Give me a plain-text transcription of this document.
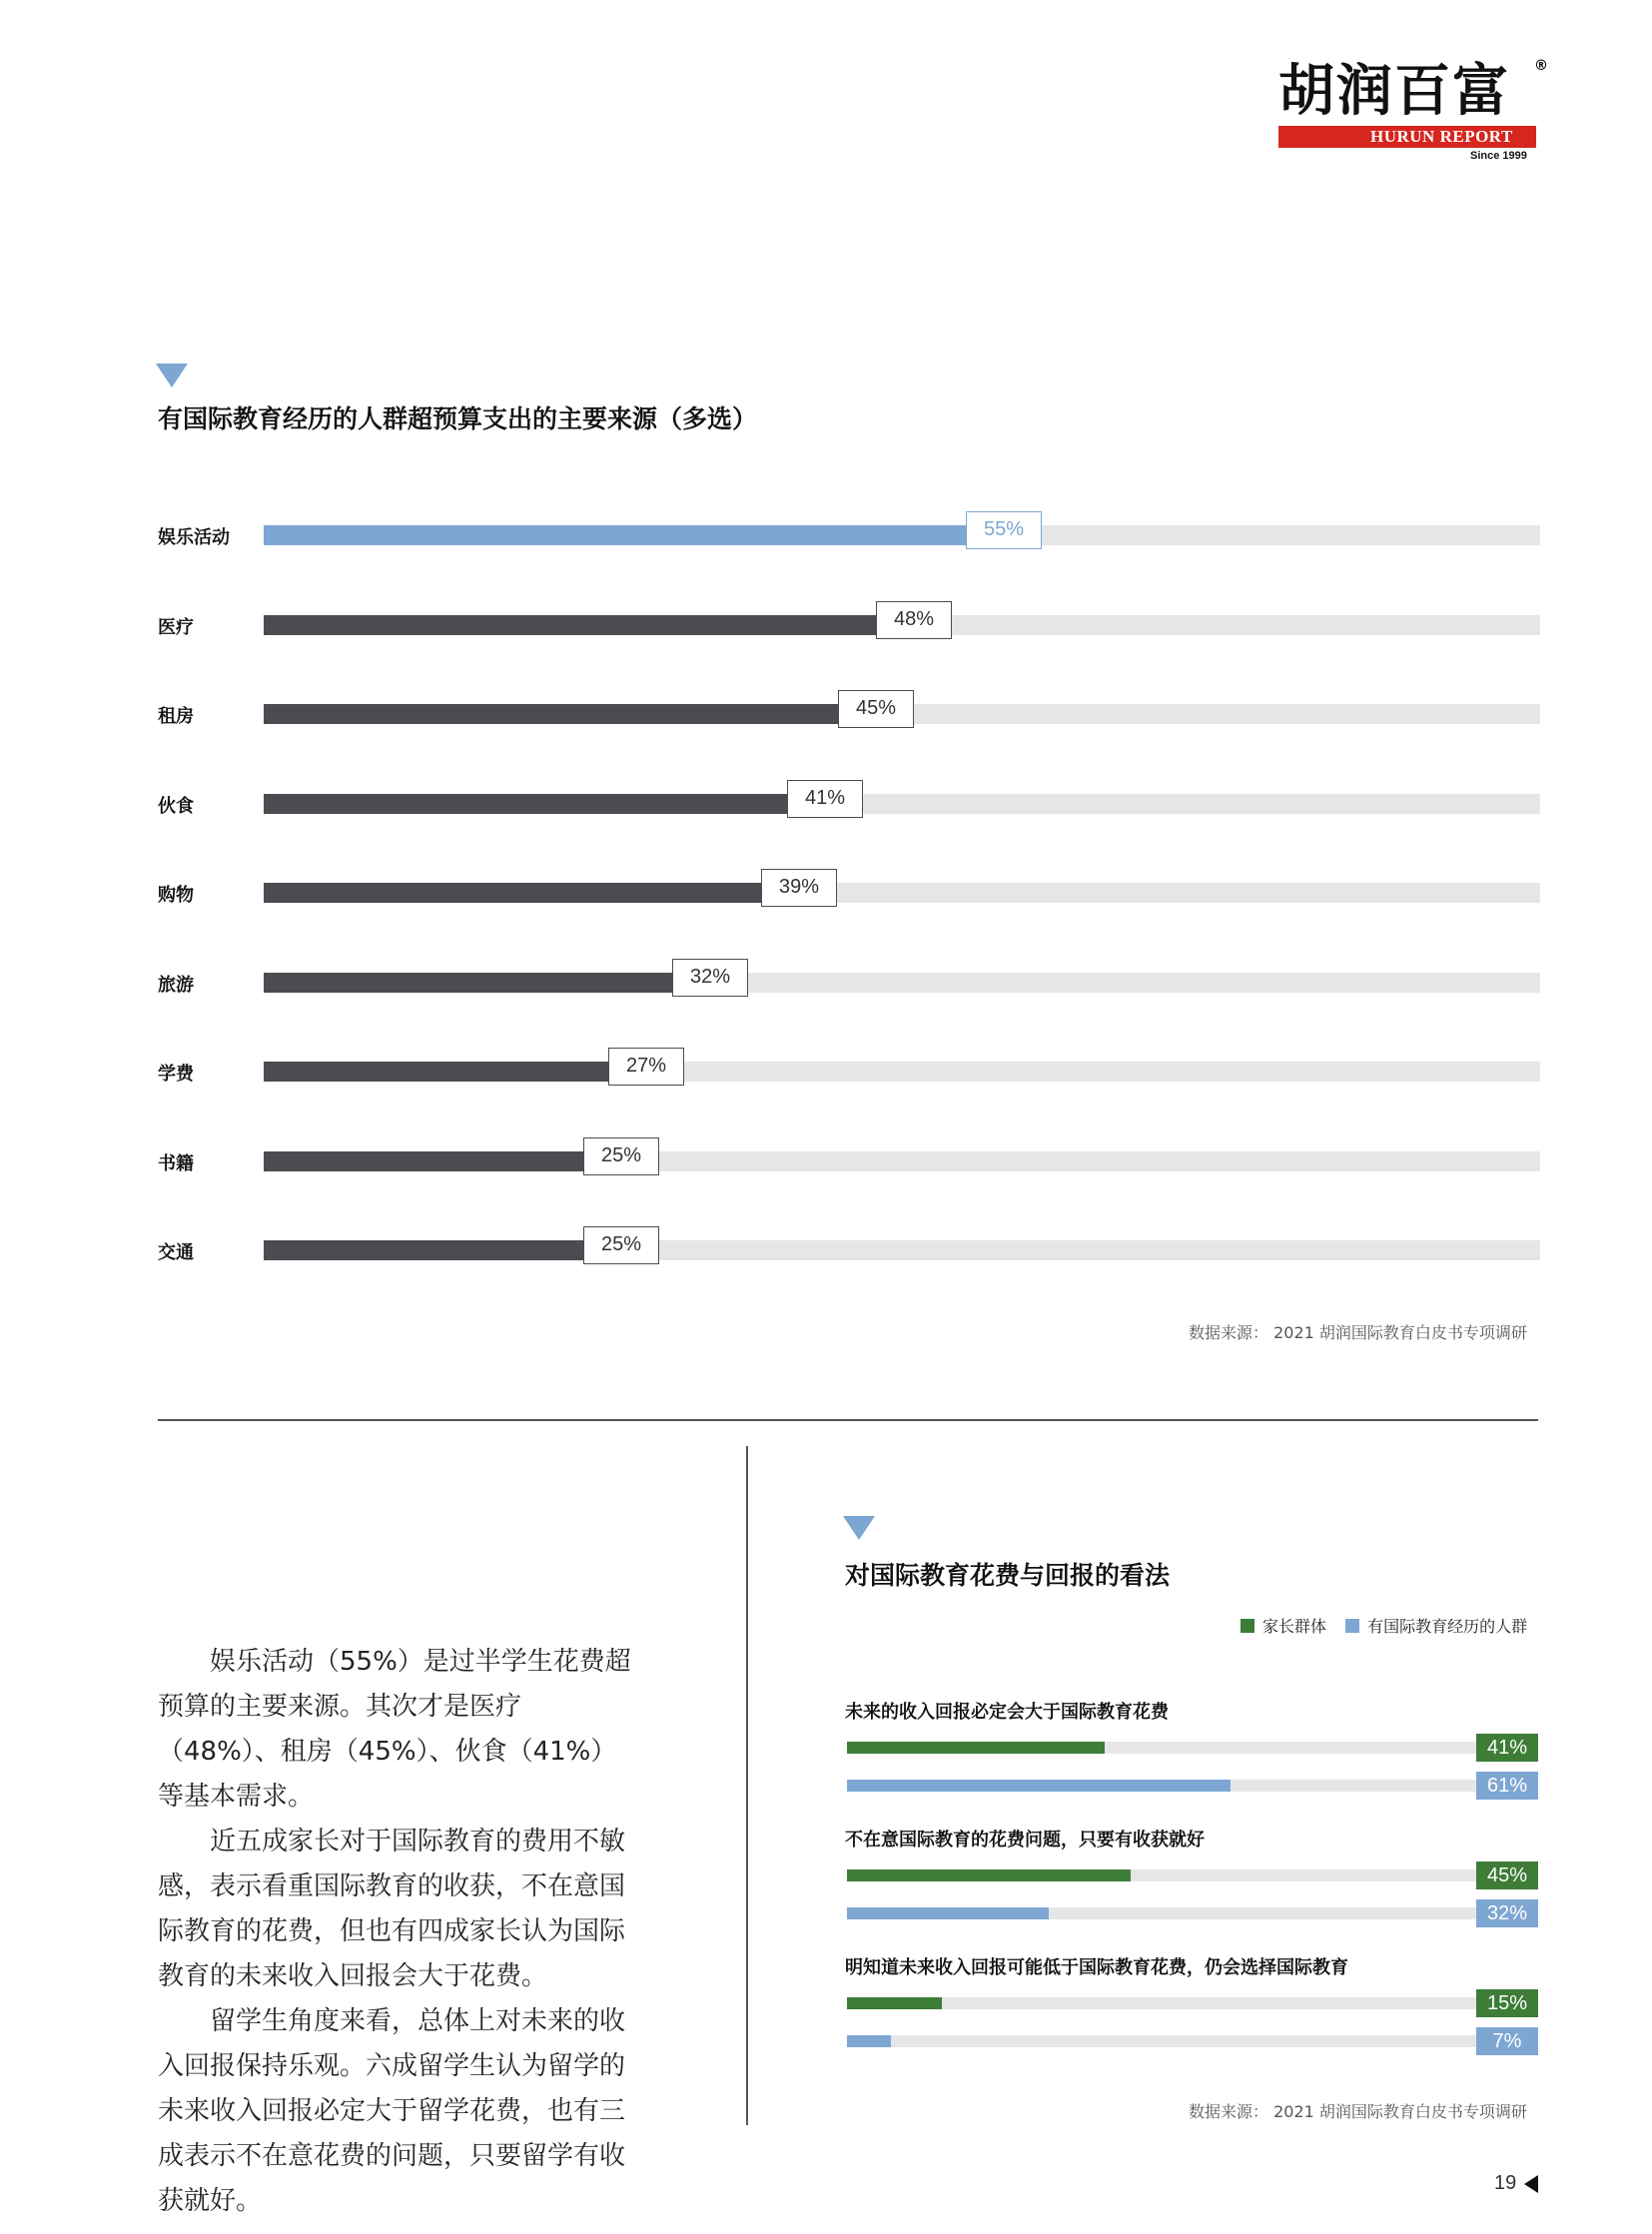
胡润百富 ®
HURUN REPORT
Since 1999
有国际教育经历的人群超预算支出的主要来源（多选）
娱乐活动	55%
医疗	48%
租房	45%
伙食	41%
购物	39%
旅游	32%
学费	27%
书籍	25%
交通	25%
数据来源： 2021 胡润国际教育白皮书专项调研

娱乐活动（55%）是过半学生花费超预算的主要来源。其次才是医疗（48%）、租房（45%）、伙食（41%）等基本需求。

近五成家长对于国际教育的费用不敏感，表示看重国际教育的收获，不在意国际教育的花费，但也有四成家长认为国际教育的未来收入回报会大于花费。

留学生角度来看，总体上对未来的收入回报保持乐观。六成留学生认为留学的未来收入回报必定大于留学花费，也有三成表示不在意花费的问题，只要留学有收获就好。

对国际教育花费与回报的看法
家长群体	有国际教育经历的人群
未来的收入回报必定会大于国际教育花费
41%
61%
不在意国际教育的花费问题，只要有收获就好
45%
32%
明知道未来收入回报可能低于国际教育花费，仍会选择国际教育
15%
7%
数据来源： 2021 胡润国际教育白皮书专项调研
19
